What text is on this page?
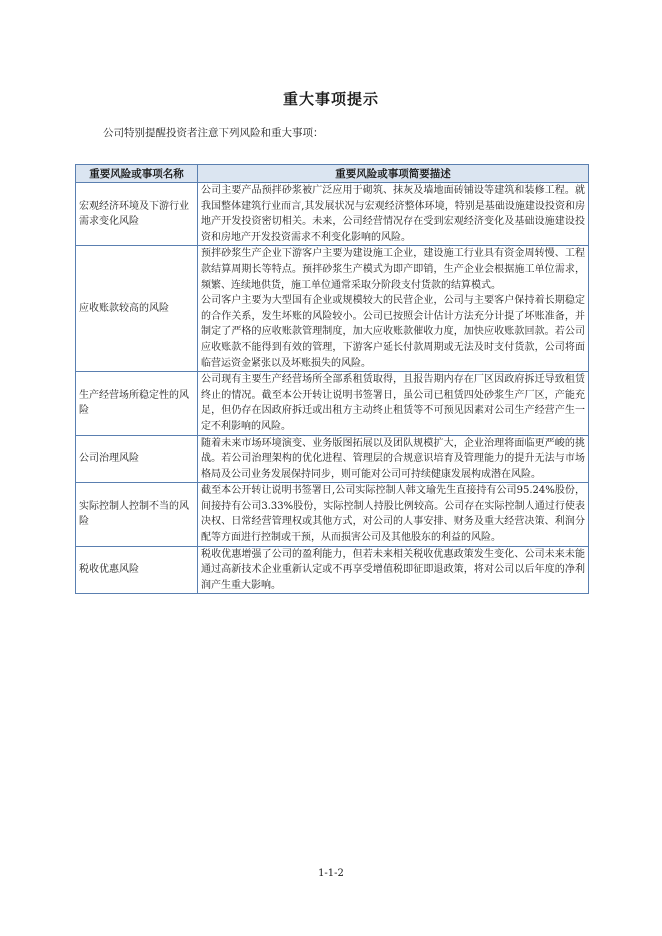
重大事项提示
公司特别提醒投资者注意下列风险和重大事项：
重要风险或事项名称	重要风险或事项简要描述
宏观经济环境及下游行业需求变化风险	公司主要产品预拌砂浆被广泛应用于砌筑、抹灰及墙地面砖铺设等建筑和装修工程。就我国整体建筑行业而言,其发展状况与宏观经济整体环境，特别是基础设施建设投资和房地产开发投资密切相关。未来，公司经营情况存在受到宏观经济变化及基础设施建设投资和房地产开发投资需求不利变化影响的风险。

应收账款较高的风险	预拌砂浆生产企业下游客户主要为建设施工企业，建设施工行业具有资金周转慢、工程款结算周期长等特点。预拌砂浆生产模式为即产即销，生产企业会根据施工单位需求，频繁、连续地供货，施工单位通常采取分阶段支付货款的结算模式。

公司客户主要为大型国有企业或规模较大的民营企业，公司与主要客户保持着长期稳定的合作关系，发生坏账的风险较小。公司已按照会计估计方法充分计提了坏账准备，并制定了严格的应收账款管理制度，加大应收账款催收力度，加快应收账款回款。若公司应收账款不能得到有效的管理，下游客户延长付款周期或无法及时支付货款，公司将面临营运资金紧张以及坏账损失的风险。

生产经营场所稳定性的风险	公司现有主要生产经营场所全部系租赁取得，且报告期内存在厂区因政府拆迁导致租赁终止的情况。截至本公开转让说明书签署日，虽公司已租赁四处砂浆生产厂区，产能充足，但仍存在因政府拆迁或出租方主动终止租赁等不可预见因素对公司生产经营产生一定不利影响的风险。

公司治理风险	随着未来市场环境演变、业务版图拓展以及团队规模扩大，企业治理将面临更严峻的挑战。若公司治理架构的优化进程、管理层的合规意识培育及管理能力的提升无法与市场格局及公司业务发展保持同步，则可能对公司可持续健康发展构成潜在风险。

实际控制人控制不当的风险	截至本公开转让说明书签署日,公司实际控制人韩文瑜先生直接持有公司95.24%股份，间接持有公司3.33%股份，实际控制人持股比例较高。公司存在实际控制人通过行使表决权、日常经营管理权或其他方式，对公司的人事安排、财务及重大经营决策、利润分配等方面进行控制或干预，从而损害公司及其他股东的利益的风险。

税收优惠风险	税收优惠增强了公司的盈利能力，但若未来相关税收优惠政策发生变化、公司未来未能通过高新技术企业重新认定或不再享受增值税即征即退政策，将对公司以后年度的净利润产生重大影响。

1-1-2
